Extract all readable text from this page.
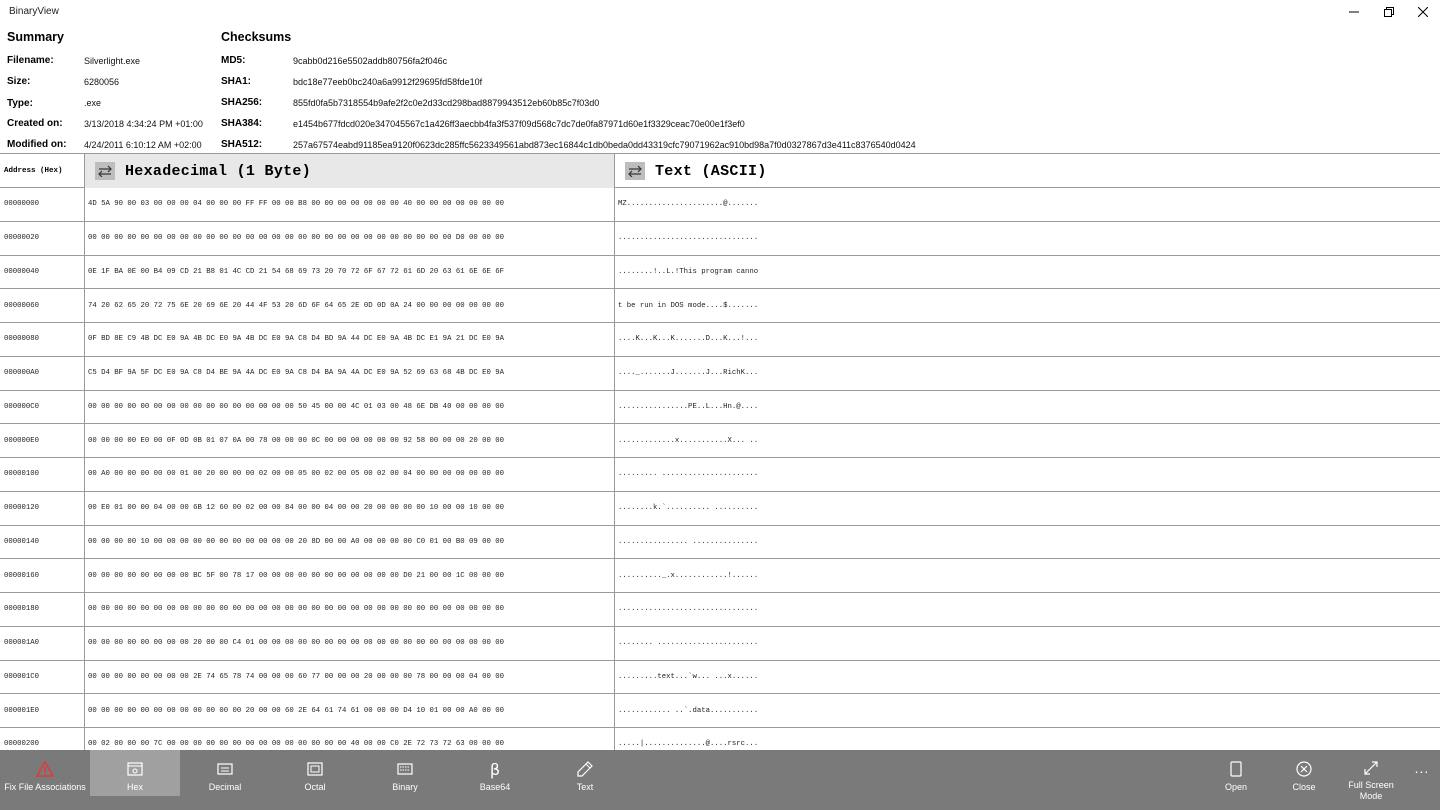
BinaryView
Summary	Checksums
Filename:	Silverlight.exe
Size:	6280056
Type:	.exe
Created on: 3/13/2018 4:34:24 PM +01:00
Modified on: 4/24/2011 6:10:12 AM +02:00
MD5:	9cabb0d216e5502addb80756fa2f046c
SHA1:	bdc18e77eeb0bc240a6a9912f29695fd58fde10f
SHA256:	855fd0fa5b7318554b9afe2f2c0e2d33cd298bad8879943512eb60b85c7f03d0
SHA384:	e1454b677fdcd020e347045567c1a426ff3aecbb4fa3f537f09d568c7dc7de0fa87971d60e1f3329ceac70e00e1f3ef0
SHA512:	257a67574eabd91185ea9120f0623dc285ffc5623349561abd873ec16844c1db0beda0dd43319cfc79071962ac910bd98a7f0d0327867d3e411c8376540d0424
Address (Hex)	Hexadecimal (1 Byte)	Text (ASCII)
00000000	4D 5A 90 00 03 00 00 00 04 00 00 00 FF FF 00 00 B8 00 00 00 00 00 00 00 40 00 00 00 00 00 00 00	MZ......................@.......
00000020	00 00 00 00 00 00 00 00 00 00 00 00 00 00 00 00 00 00 00 00 00 00 00 00 00 00 00 00 D0 00 00 00	................................
00000040	0E 1F BA 0E 00 B4 09 CD 21 B8 01 4C CD 21 54 68 69 73 20 70 72 6F 67 72 61 6D 20 63 61 6E 6E 6F	........!..L.!This program canno
00000060	74 20 62 65 20 72 75 6E 20 69 6E 20 44 4F 53 20 6D 6F 64 65 2E 0D 0D 0A 24 00 00 00 00 00 00 00	t be run in DOS mode....$.......
00000080	0F BD 8E C9 4B DC E0 9A 4B DC E0 9A 4B DC E0 9A C8 D4 BD 9A 44 DC E0 9A 4B DC E1 9A 21 DC E0 9A	....K...K...K.......D...K...!...
000000A0	C5 D4 BF 9A 5F DC E0 9A C8 D4 BE 9A 4A DC E0 9A C8 D4 BA 9A 4A DC E0 9A 52 69 63 68 4B DC E0 9A	...._.......J.......J...RichK...
000000C0	00 00 00 00 00 00 00 00 00 00 00 00 00 00 00 00 50 45 00 00 4C 01 03 00 48 6E DB 40 00 00 00 00	................PE..L...Hn.@....
000000E0	00 00 00 00 E0 00 0F 0D 0B 01 07 0A 00 78 00 00 00 0C 00 00 00 00 00 00 92 58 00 00 00 20 00 00	.............x...........X... ..
00000100	00 A0 00 00 00 00 00 01 00 20 00 00 00 02 00 00 05 00 02 00 05 00 02 00 04 00 00 00 00 00 00 00	......... ......................
00000120	00 E0 01 00 00 04 00 00 6B 12 60 00 02 00 00 84 00 00 04 00 00 20 00 00 00 00 10 00 00 10 00 00	........k.`.......... ..........
00000140	00 00 00 00 10 00 00 00 00 00 00 00 00 00 00 00 20 8D 00 00 A0 00 00 00 00 C0 01 00 B0 09 00 00	................ ...............
00000160	00 00 00 00 00 00 00 00 BC 5F 00 78 17 00 00 00 00 00 00 00 00 00 00 00 D0 21 00 00 1C 00 00 00	.........._.x............!......
00000180	00 00 00 00 00 00 00 00 00 00 00 00 00 00 00 00 00 00 00 00 00 00 00 00 00 00 00 00 00 00 00 00	................................
000001A0	00 00 00 00 00 00 00 00 20 00 00 C4 01 00 00 00 00 00 00 00 00 00 00 00 00 00 00 00 00 00 00 00	........ .......................
000001C0	00 00 00 00 00 00 00 00 2E 74 65 78 74 00 00 00 60 77 00 00 00 20 00 00 00 78 00 00 00 04 00 00	.........text...`w... ...x......
000001E0	00 00 00 00 00 00 00 00 00 00 00 00 20 00 00 60 2E 64 61 74 61 00 00 00 D4 10 01 00 00 A0 00 00	............ ..`.data...........
00000200	00 02 00 00 00 7C 00 00 00 00 00 00 00 00 00 00 00 00 00 00 40 00 00 C0 2E 72 73 72 63 00 00 00	.....|..............@....rsrc...
Fix File Associations	Hex	Decimal	Octal	Binary
β
Base64	Text	Open	Close	Full Screen Mode
...
